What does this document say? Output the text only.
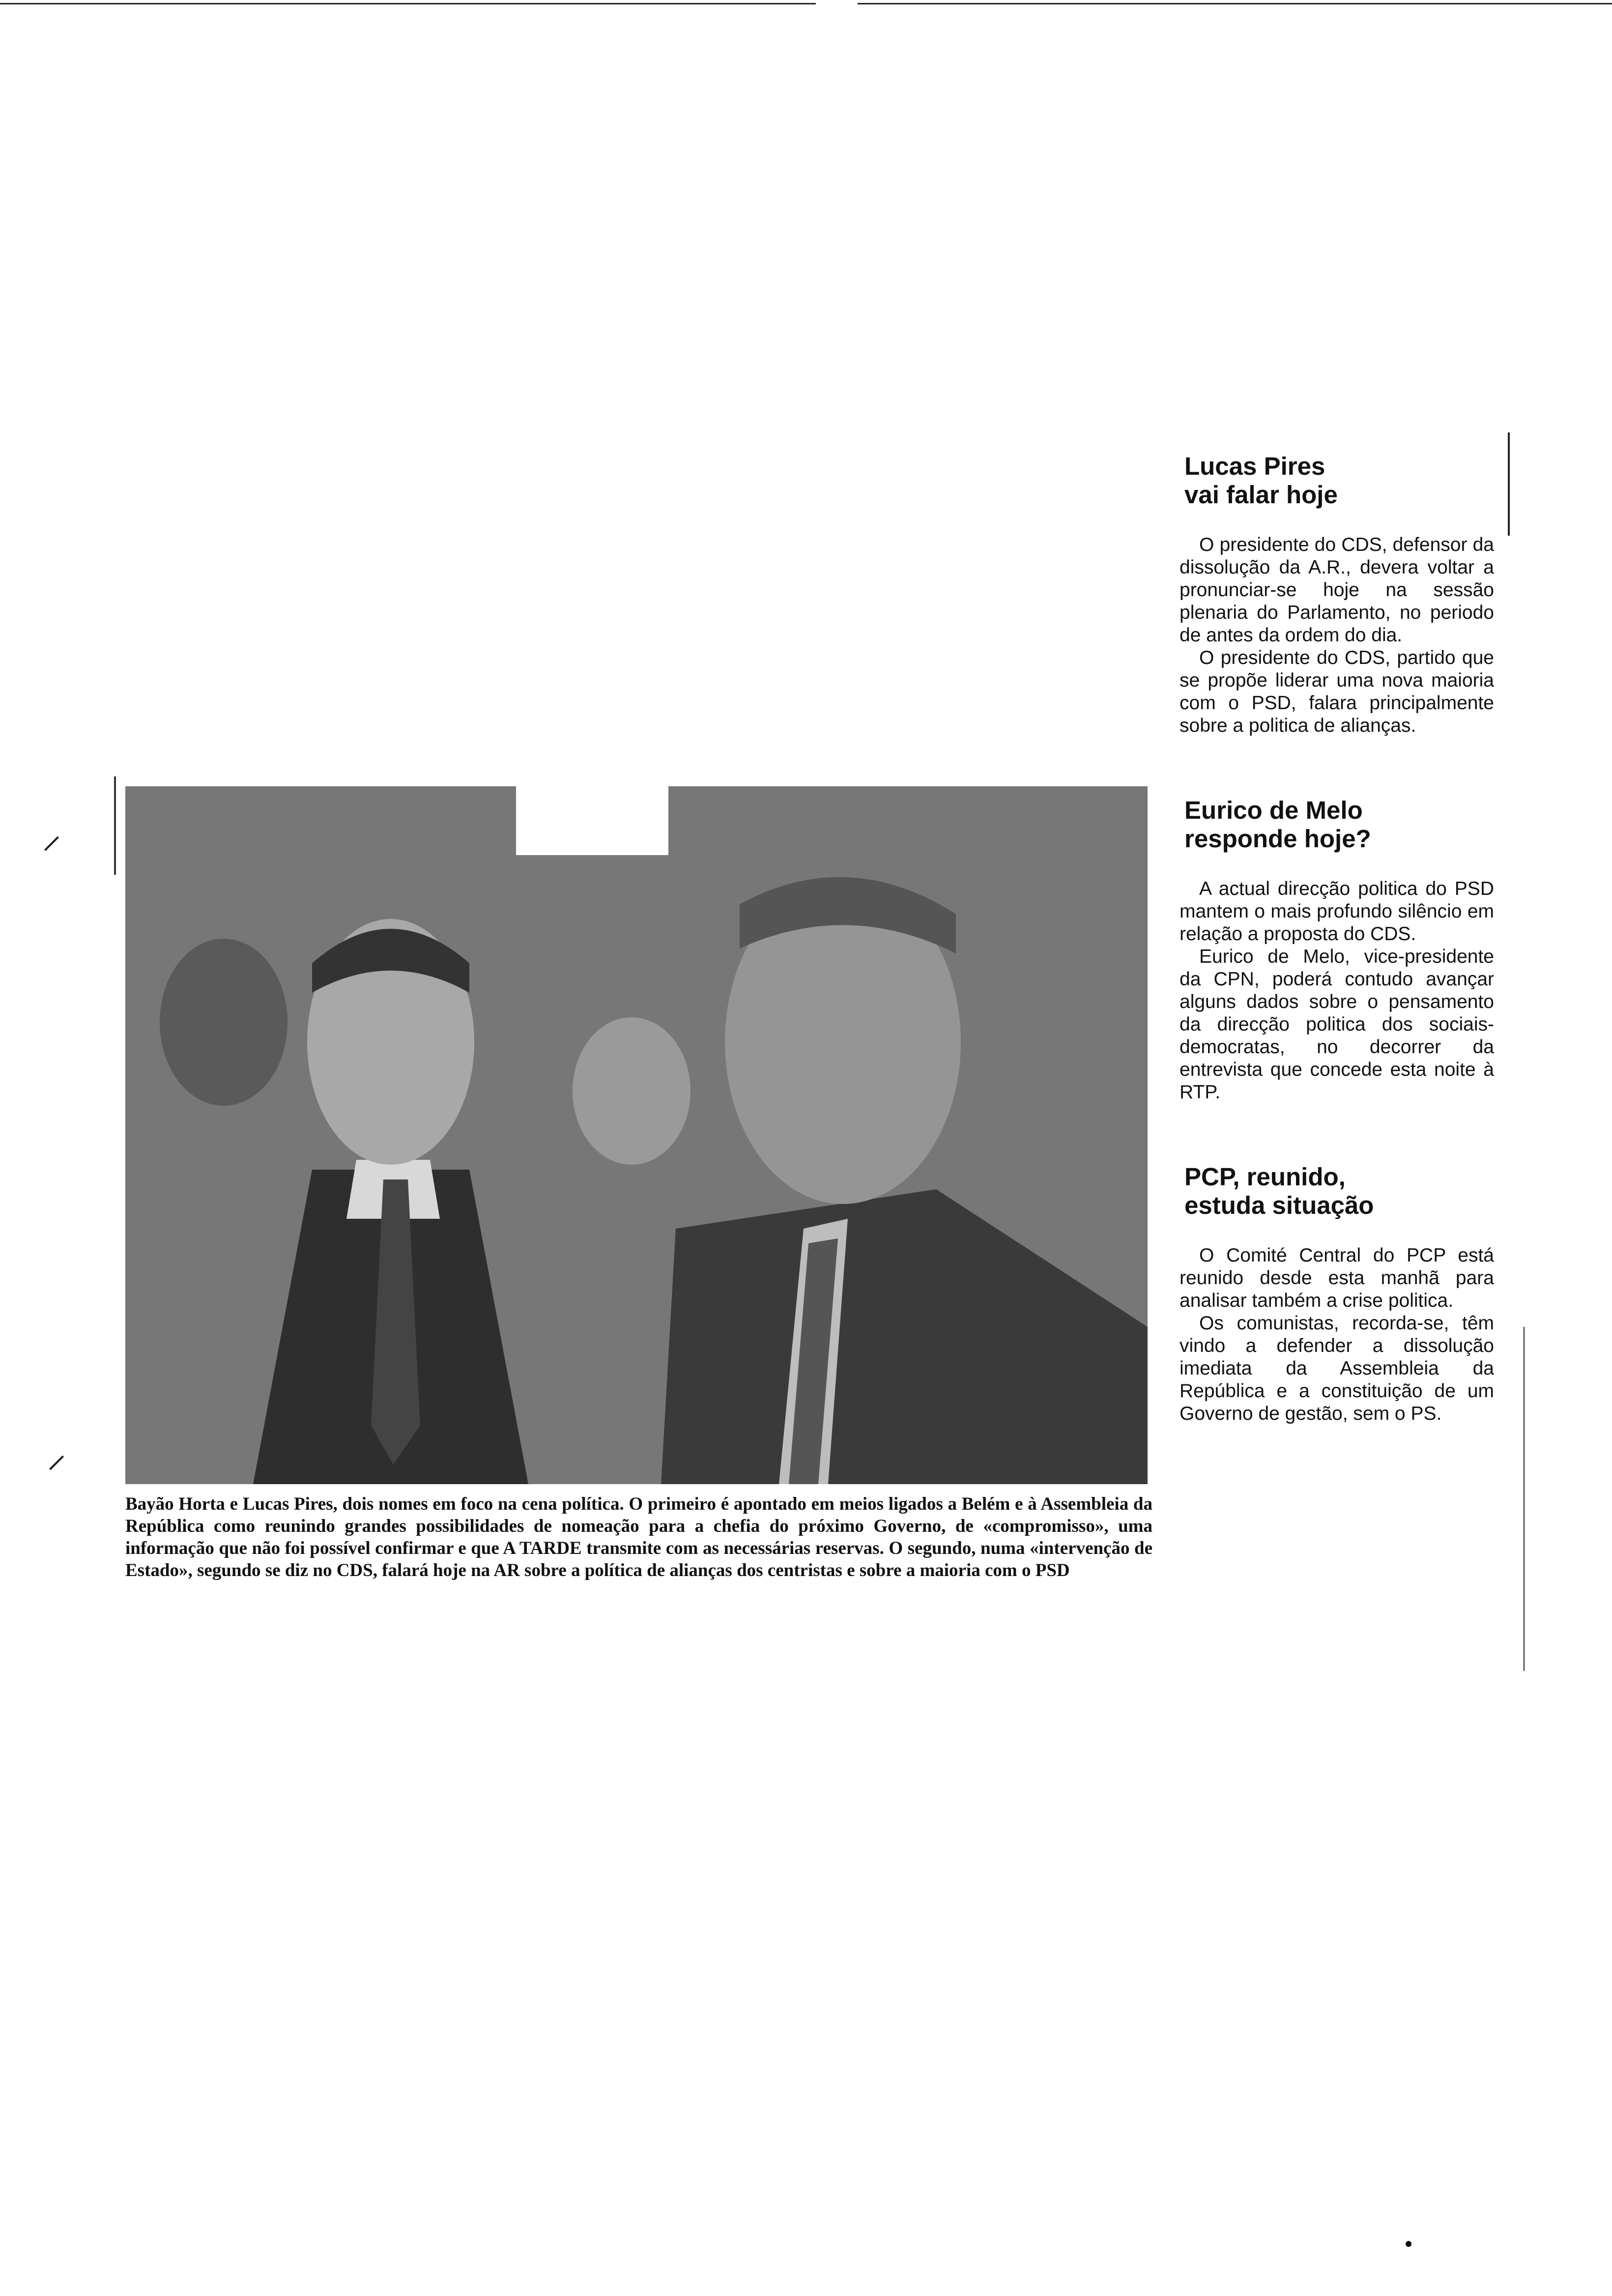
Bayão Horta e Lucas Pires, dois nomes em foco na cena política. O primeiro é apontado em meios ligados a Belém e à Assembleia da República como reunindo grandes possibilidades de nomeação para a chefia do próximo Governo, de «compromisso», uma informação que não foi possível confirmar e que A TARDE transmite com as necessárias reservas. O segundo, numa «intervenção de Estado», segundo se diz no CDS, falará hoje na AR sobre a política de alianças dos centristas e sobre a maioria com o PSD
Lucas Pires
vai falar hoje

O presidente do CDS, defensor da dissolução da A.R., devera voltar a pronunciar-se hoje na sessão plenaria do Parlamento, no periodo de antes da ordem do dia.

O presidente do CDS, partido que se propõe liderar uma nova maioria com o PSD, falara principalmente sobre a politica de alianças.

Eurico de Melo
responde hoje?

A actual direcção politica do PSD mantem o mais profundo silêncio em relação a proposta do CDS.

Eurico de Melo, vice-presidente da CPN, poderá contudo avançar alguns dados sobre o pensamento da direcção politica dos sociais-democratas, no decorrer da entrevista que concede esta noite à RTP.

PCP, reunido,
estuda situação

O Comité Central do PCP está reunido desde esta manhã para analisar também a crise politica.

Os comunistas, recorda-se, têm vindo a defender a dissolução imediata da Assembleia da República e a constituição de um Governo de gestão, sem o PS.

⸝
⸝
